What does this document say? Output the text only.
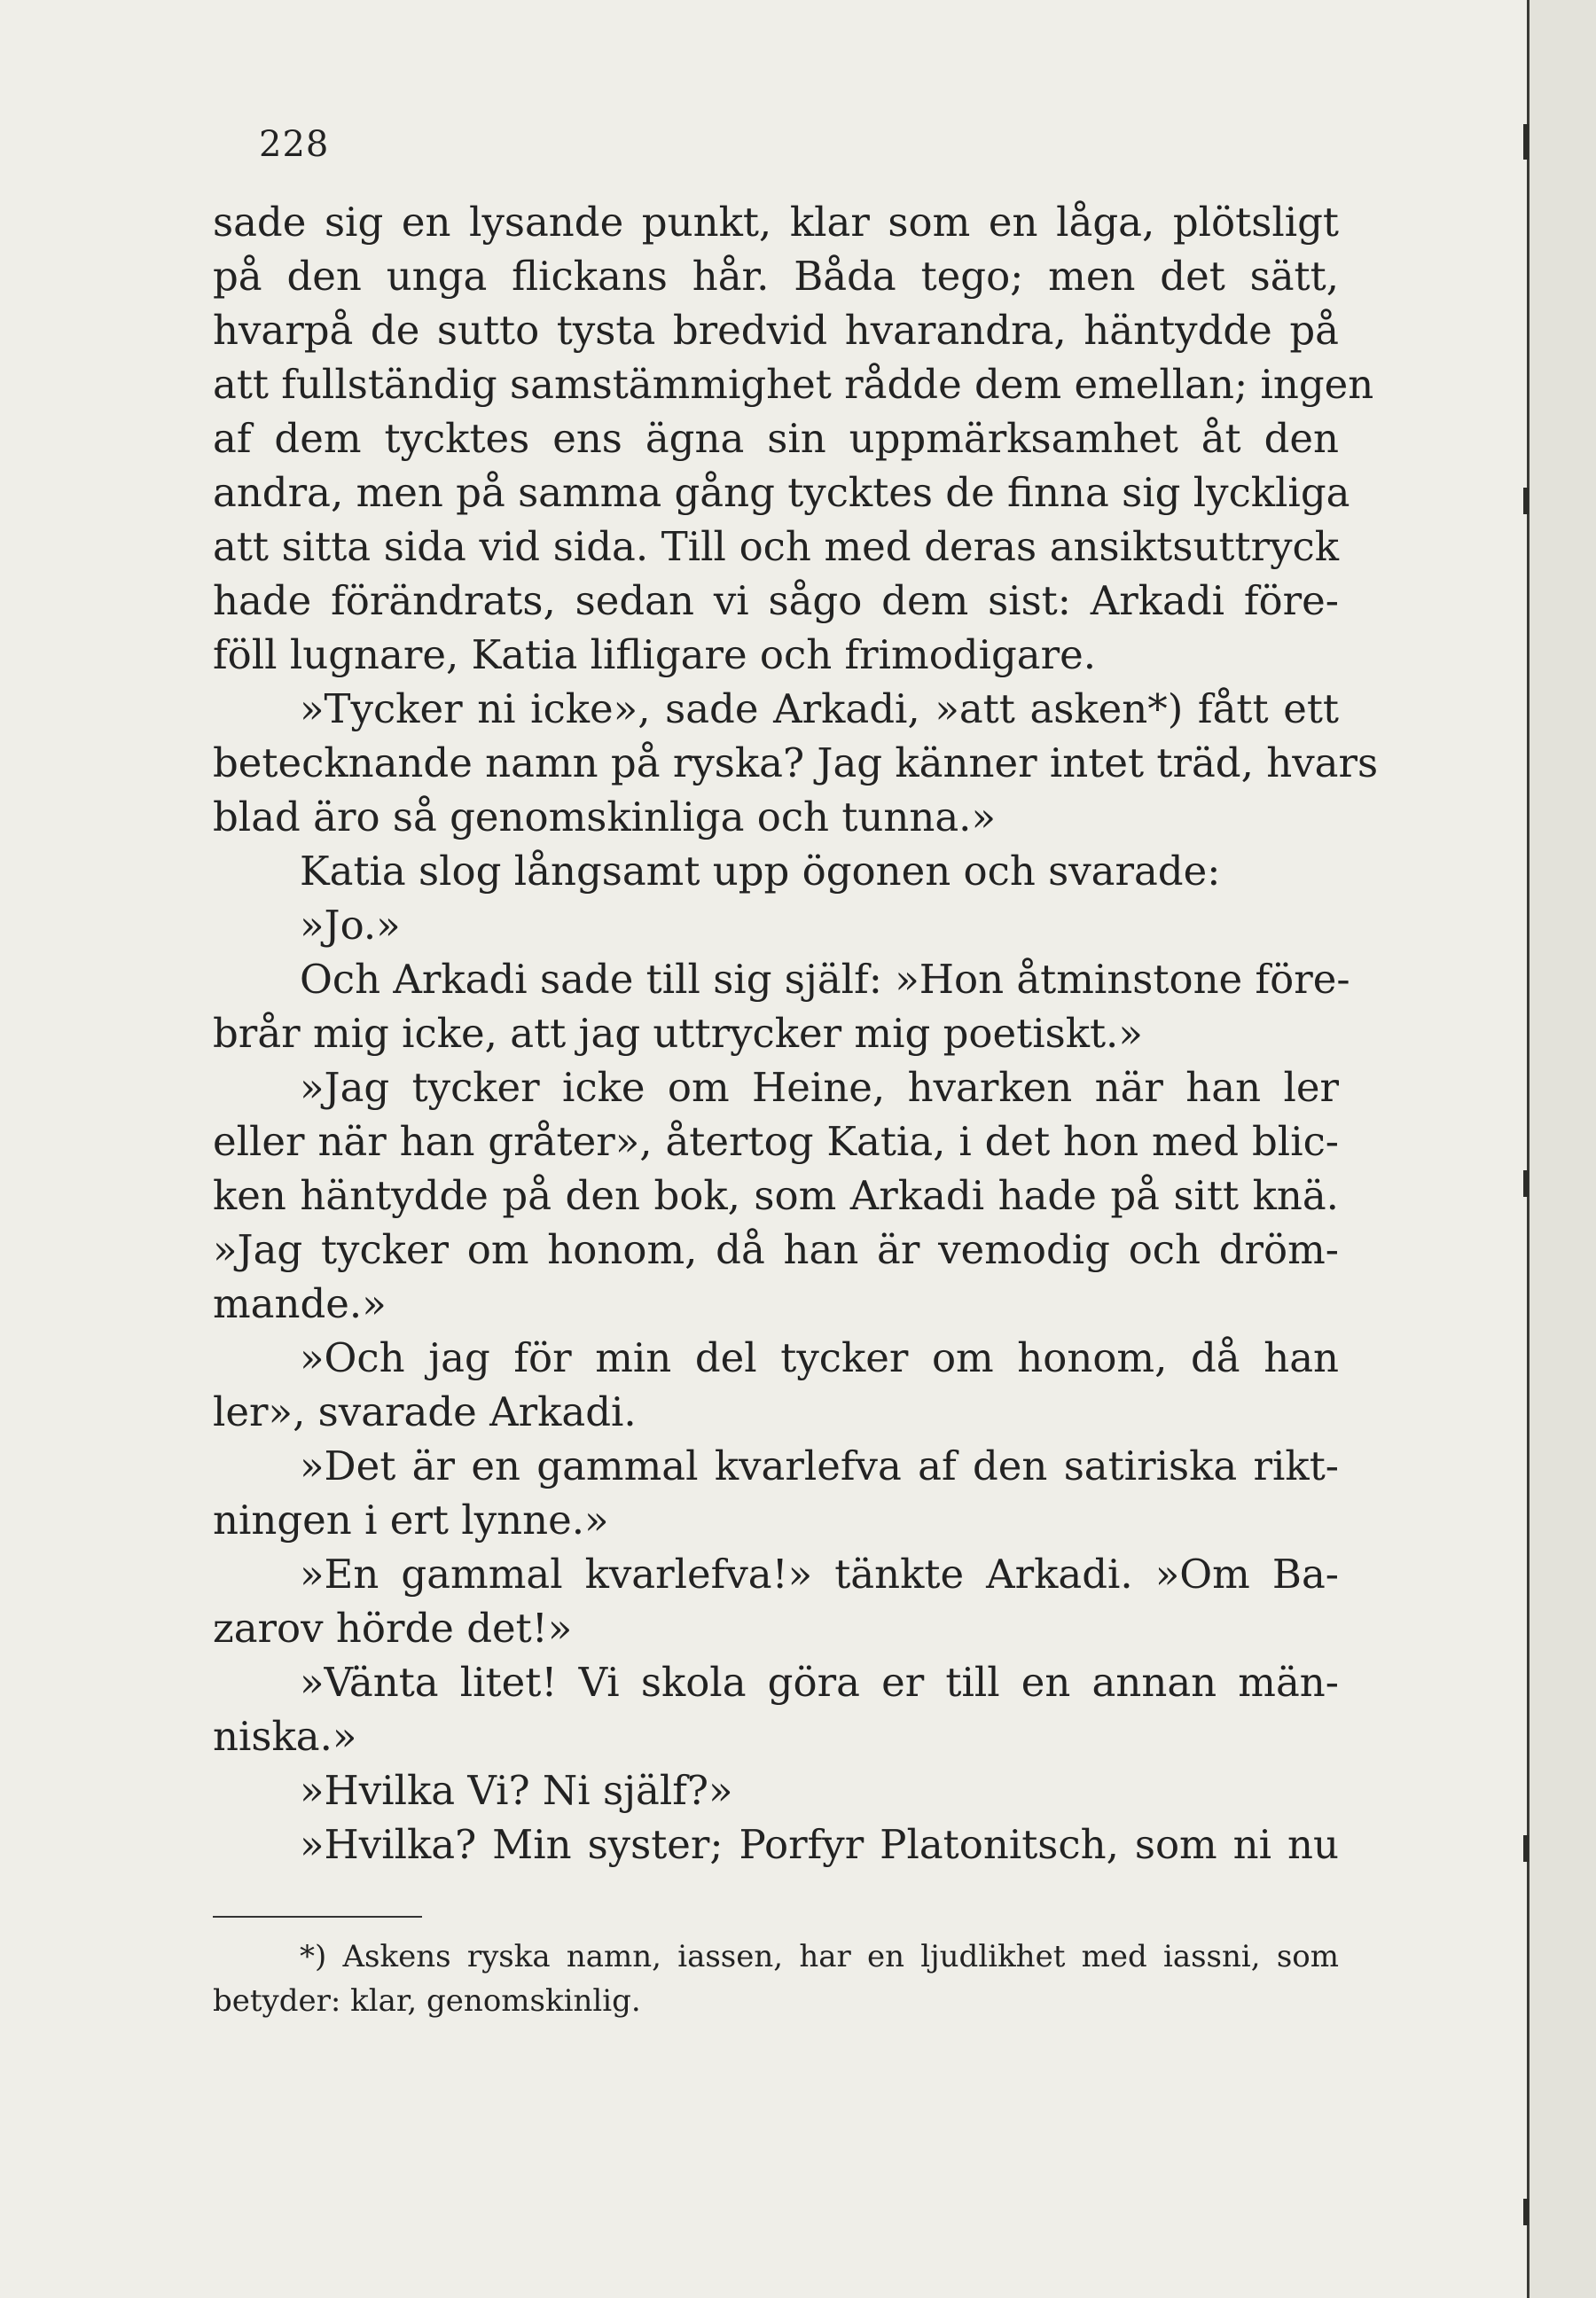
228
sade sig en lysande punkt, klar som en låga, plötsligt
på den unga flickans hår. Båda tego; men det sätt,
hvarpå de sutto tysta bredvid hvarandra, häntydde på
att fullständig samstämmighet rådde dem emellan; ingen
af dem tycktes ens ägna sin uppmärksamhet åt den
andra, men på samma gång tycktes de finna sig lyckliga
att sitta sida vid sida. Till och med deras ansiktsuttryck
hade förändrats, sedan vi sågo dem sist: Arkadi före-
föll lugnare, Katia lifligare och frimodigare.
»Tycker ni icke», sade Arkadi, »att asken*) fått ett
betecknande namn på ryska? Jag känner intet träd, hvars
blad äro så genomskinliga och tunna.»
Katia slog långsamt upp ögonen och svarade:
»Jo.»
Och Arkadi sade till sig själf: »Hon åtminstone före-
brår mig icke, att jag uttrycker mig poetiskt.»
»Jag tycker icke om Heine, hvarken när han ler
eller när han gråter», återtog Katia, i det hon med blic-
ken häntydde på den bok, som Arkadi hade på sitt knä.
»Jag tycker om honom, då han är vemodig och dröm-
mande.»
»Och jag för min del tycker om honom, då han
ler», svarade Arkadi.
»Det är en gammal kvarlefva af den satiriska rikt-
ningen i ert lynne.»
»En gammal kvarlefva!» tänkte Arkadi. »Om Ba-
zarov hörde det!»
»Vänta litet! Vi skola göra er till en annan män-
niska.»
»Hvilka Vi? Ni själf?»
»Hvilka? Min syster; Porfyr Platonitsch, som ni nu
*) Askens ryska namn, iassen, har en ljudlikhet med iassni, som
betyder: klar, genomskinlig.
